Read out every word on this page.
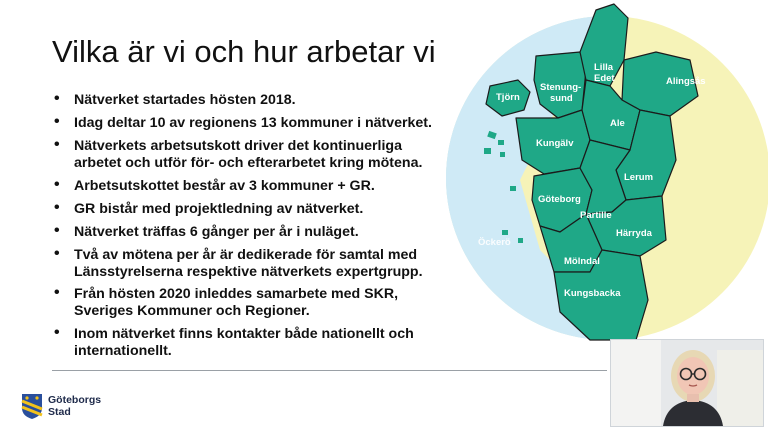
Vilka är vi och hur arbetar vi
• Nätverket startades hösten 2018.
• Idag deltar 10 av regionens 13 kommuner i nätverket.
• Nätverkets arbetsutskott driver det kontinuerliga arbetet och utför för- och efterarbetet kring mötena.
• Arbetsutskottet består av 3 kommuner + GR.
• GR bistår med projektledning av nätverket.
• Nätverket träffas 6 gånger per år i nuläget.
• Två av mötena per år är dedikerade för samtal med Länsstyrelserna respektive nätverkets expertgrupp.
• Från hösten 2020 inleddes samarbete med SKR, Sveriges Kommuner och Regioner.
• Inom nätverket finns kontakter både nationellt och internationellt.
Göteborgs
Stad
Tjörn
Stenung-
sund
Lilla
Edet	Alingsås
Kungälv
Ale
Lerum
Göteborg
Partille
Härryda
Öckerö
Mölndal
Kungsbacka
